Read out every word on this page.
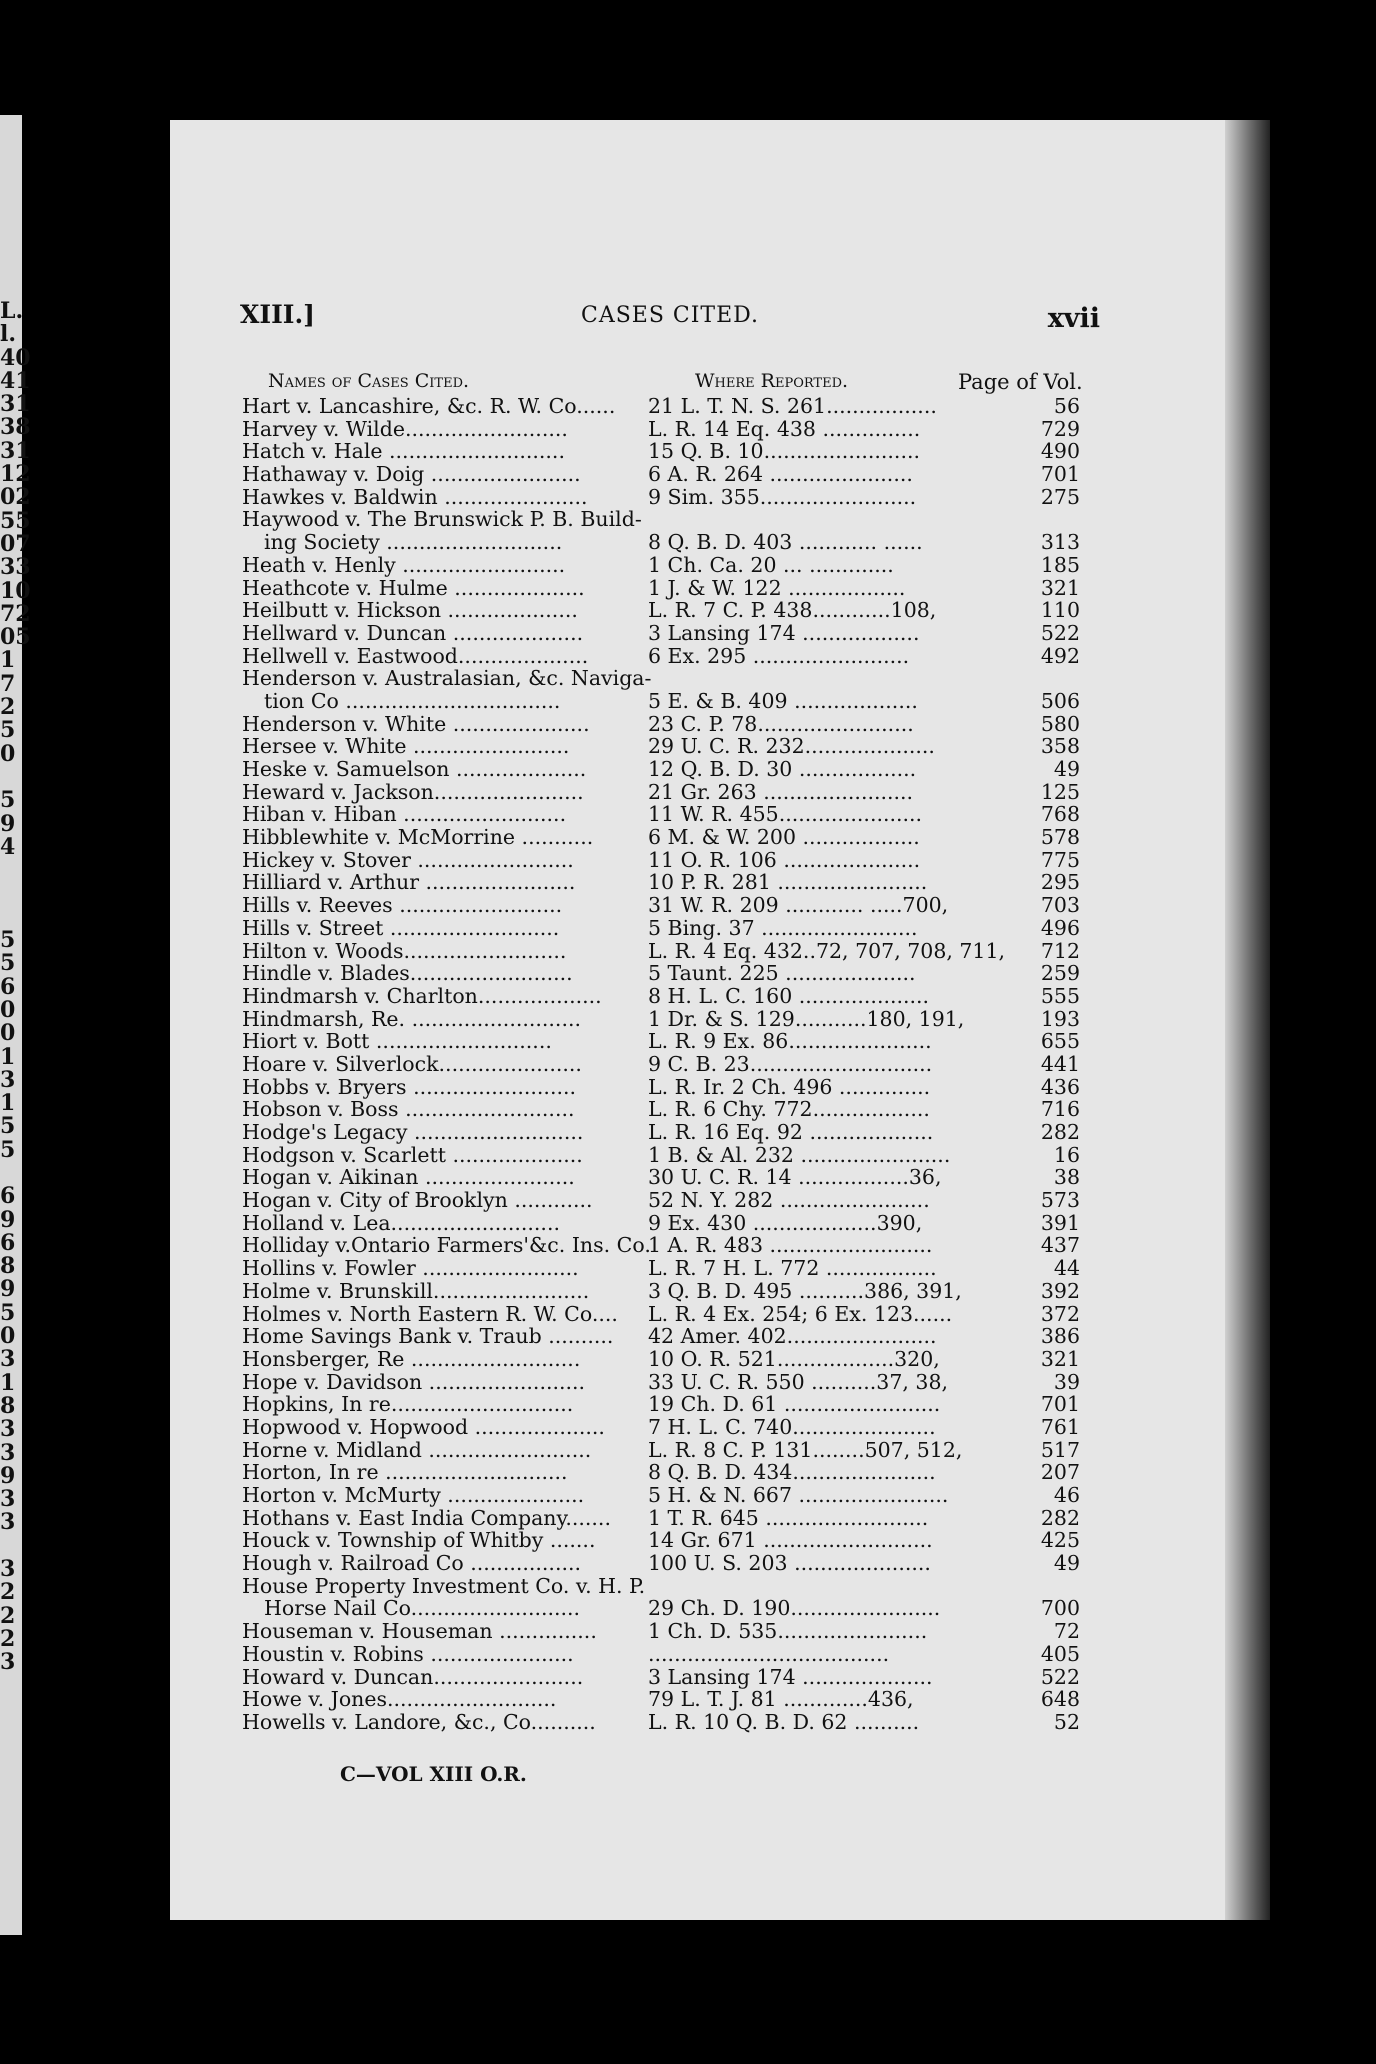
L.
l.
40
41
31
38
31
12
02
55
07
33
10
72
05
1
7
2
5
0
5
9
4
5
5
6
0
0
1
3
1
5
5
6
9
6
8
9
5
0
3
1
8
3
3
9
3
3
3
2
2
2
3
XIII.]	CASES CITED.	xvii
Names of Cases Cited.	Where Reported.	Page of Vol.
Hart v. Lancashire, &c. R. W. Co...... 21 L. T. N. S. 261.................	56
Harvey v. Wilde.........................	L. R. 14 Eq. 438 ...............	729
Hatch v. Hale ...........................	15 Q. B. 10........................	490
Hathaway v. Doig .......................	6 A. R. 264 ......................	701
Hawkes v. Baldwin ......................	9 Sim. 355........................	275
Haywood v. The Brunswick P. B. Build-
ing Society ...........................	8 Q. B. D. 403 ............ ......	313
Heath v. Henly .........................	1 Ch. Ca. 20 ... .............	185
Heathcote v. Hulme ....................	1 J. & W. 122 ..................	321
Heilbutt v. Hickson ....................	L. R. 7 C. P. 438............108,	110
Hellward v. Duncan ....................	3 Lansing 174 ..................	522
Hellwell v. Eastwood....................	6 Ex. 295 ........................	492
Henderson v. Australasian, &c. Naviga-
tion Co .................................	5 E. & B. 409 ...................	506
Henderson v. White .....................	23 C. P. 78........................	580
Hersee v. White ........................	29 U. C. R. 232....................	358
Heske v. Samuelson ....................	12 Q. B. D. 30 ..................	49
Heward v. Jackson.......................	21 Gr. 263 .......................	125
Hiban v. Hiban .........................	11 W. R. 455......................	768
Hibblewhite v. McMorrine ...........	6 M. & W. 200 ..................	578
Hickey v. Stover ........................	11 O. R. 106 .....................	775
Hilliard v. Arthur .......................	10 P. R. 281 .......................	295
Hills v. Reeves .........................	31 W. R. 209 ............ .....700,	703
Hills v. Street ..........................	5 Bing. 37 ........................	496
Hilton v. Woods.........................	L. R. 4 Eq. 432..72, 707, 708, 711, 712
Hindle v. Blades.........................	5 Taunt. 225 ....................	259
Hindmarsh v. Charlton................... 8 H. L. C. 160 ....................	555
Hindmarsh, Re. ..........................	1 Dr. & S. 129...........180, 191,	193
Hiort v. Bott ...........................	L. R. 9 Ex. 86......................	655
Hoare v. Silverlock......................	9 C. B. 23............................	441
Hobbs v. Bryers .........................	L. R. Ir. 2 Ch. 496 ..............	436
Hobson v. Boss ..........................	L. R. 6 Chy. 772..................	716
Hodge's Legacy ..........................	L. R. 16 Eq. 92 ...................	282
Hodgson v. Scarlett ....................	1 B. & Al. 232 .......................	16
Hogan v. Aikinan .......................	30 U. C. R. 14 .................36,	38
Hogan v. City of Brooklyn ............	52 N. Y. 282 .......................	573
Holland v. Lea..........................	9 Ex. 430 ...................390,	391
Holliday v.Ontario Farmers'&c. Ins. Co.
1 A. R. 483 .........................	437
Hollins v. Fowler ........................	L. R. 7 H. L. 772 .................	44
Holme v. Brunskill........................	3 Q. B. D. 495 ..........386, 391,	392
Holmes v. North Eastern R. W. Co.... L. R. 4 Ex. 254; 6 Ex. 123......	372
Home Savings Bank v. Traub .......... 42 Amer. 402.......................	386
Honsberger, Re ..........................	10 O. R. 521..................320,	321
Hope v. Davidson ........................	33 U. C. R. 550 ..........37, 38,	39
Hopkins, In re............................	19 Ch. D. 61 ........................	701
Hopwood v. Hopwood .................... 7 H. L. C. 740......................	761
Horne v. Midland .........................	L. R. 8 C. P. 131........507, 512,	517
Horton, In re ............................	8 Q. B. D. 434......................	207
Horton v. McMurty .....................	5 H. & N. 667 .......................	46
Hothans v. East India Company....... 1 T. R. 645 .........................	282
Houck v. Township of Whitby .......	14 Gr. 671 ..........................	425
Hough v. Railroad Co .................	100 U. S. 203 .....................	49
House Property Investment Co. v. H. P.
Horse Nail Co..........................	29 Ch. D. 190.......................	700
Houseman v. Houseman ............... 1 Ch. D. 535.......................	72
Houstin v. Robins ......................	.....................................	405
Howard v. Duncan.......................	3 Lansing 174 ....................	522
Howe v. Jones..........................	79 L. T. J. 81 .............436,	648
Howells v. Landore, &c., Co..........	L. R. 10 Q. B. D. 62 ..........	52
C—VOL XIII O.R.
